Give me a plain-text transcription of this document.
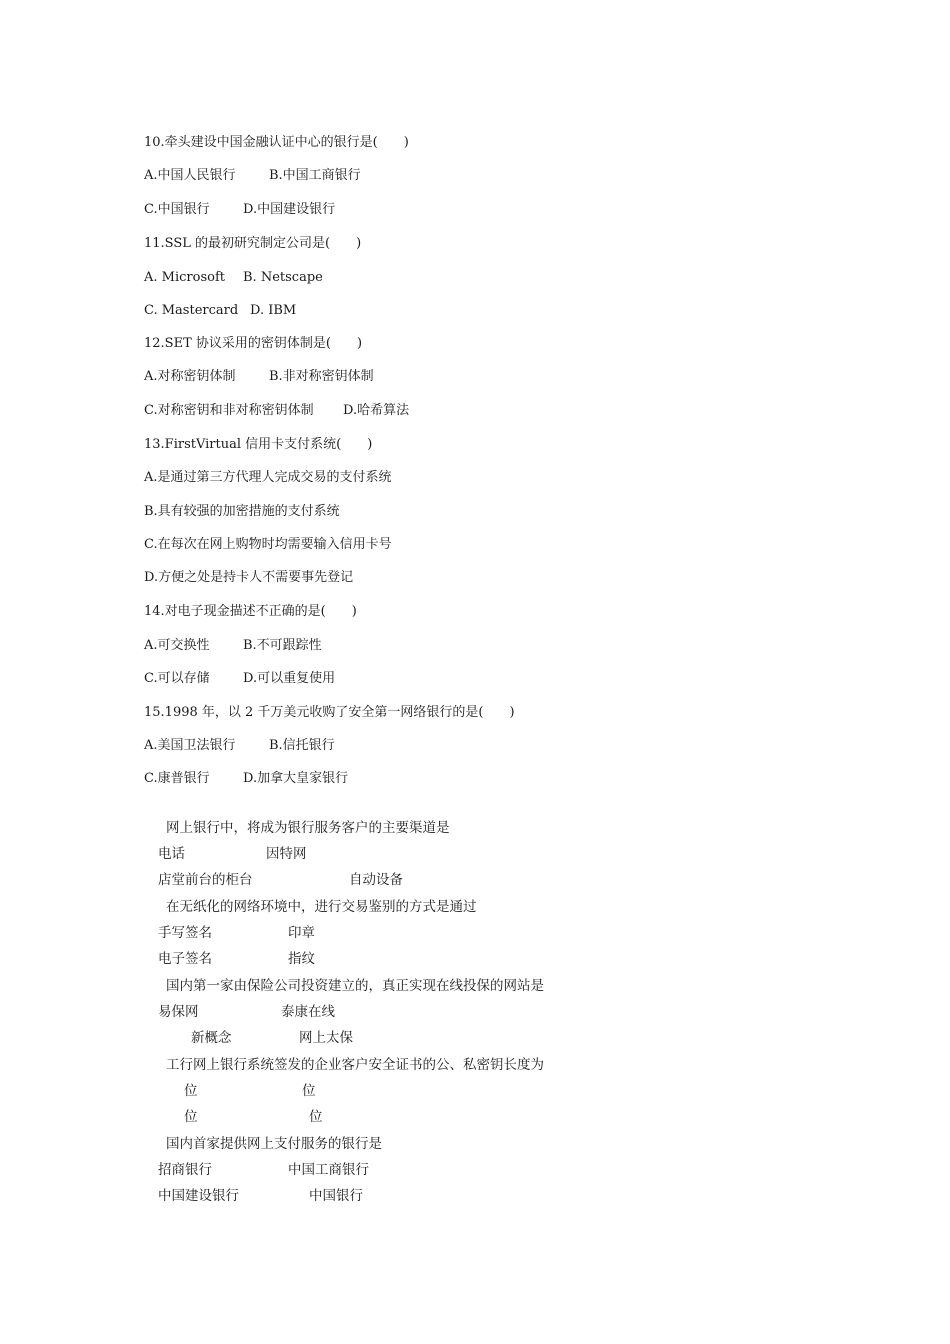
10.牵头建设中国金融认证中心的银行是(　　)
A.中国人民银行	B.中国工商银行
C.中国银行	D.中国建设银行
11.SSL 的最初研究制定公司是(　　)
A. Microsoft B. Netscape
C. Mastercard D. IBM
12.SET 协议采用的密钥体制是(　　)
A.对称密钥体制	B.非对称密钥体制
C.对称密钥和非对称密钥体制 D.哈希算法
13.FirstVirtual 信用卡支付系统(　　)
A.是通过第三方代理人完成交易的支付系统
B.具有较强的加密措施的支付系统
C.在每次在网上购物时均需要输入信用卡号
D.方便之处是持卡人不需要事先登记
14.对电子现金描述不正确的是(　　)
A.可交换性	B.不可跟踪性
C.可以存储	D.可以重复使用
15.1998 年，以 2 千万美元收购了安全第一网络银行的是(　　)
A.美国卫法银行	B.信托银行
C.康普银行	D.加拿大皇家银行
网上银行中，将成为银行服务客户的主要渠道是
电话	因特网
店堂前台的柜台	自动设备
在无纸化的网络环境中，进行交易鉴别的方式是通过
手写签名	印章
电子签名	指纹
国内第一家由保险公司投资建立的，真正实现在线投保的网站是
易保网	泰康在线
新概念	网上太保
工行网上银行系统签发的企业客户安全证书的公、私密钥长度为
位	位
位	位
国内首家提供网上支付服务的银行是
招商银行	中国工商银行
中国建设银行	中国银行
